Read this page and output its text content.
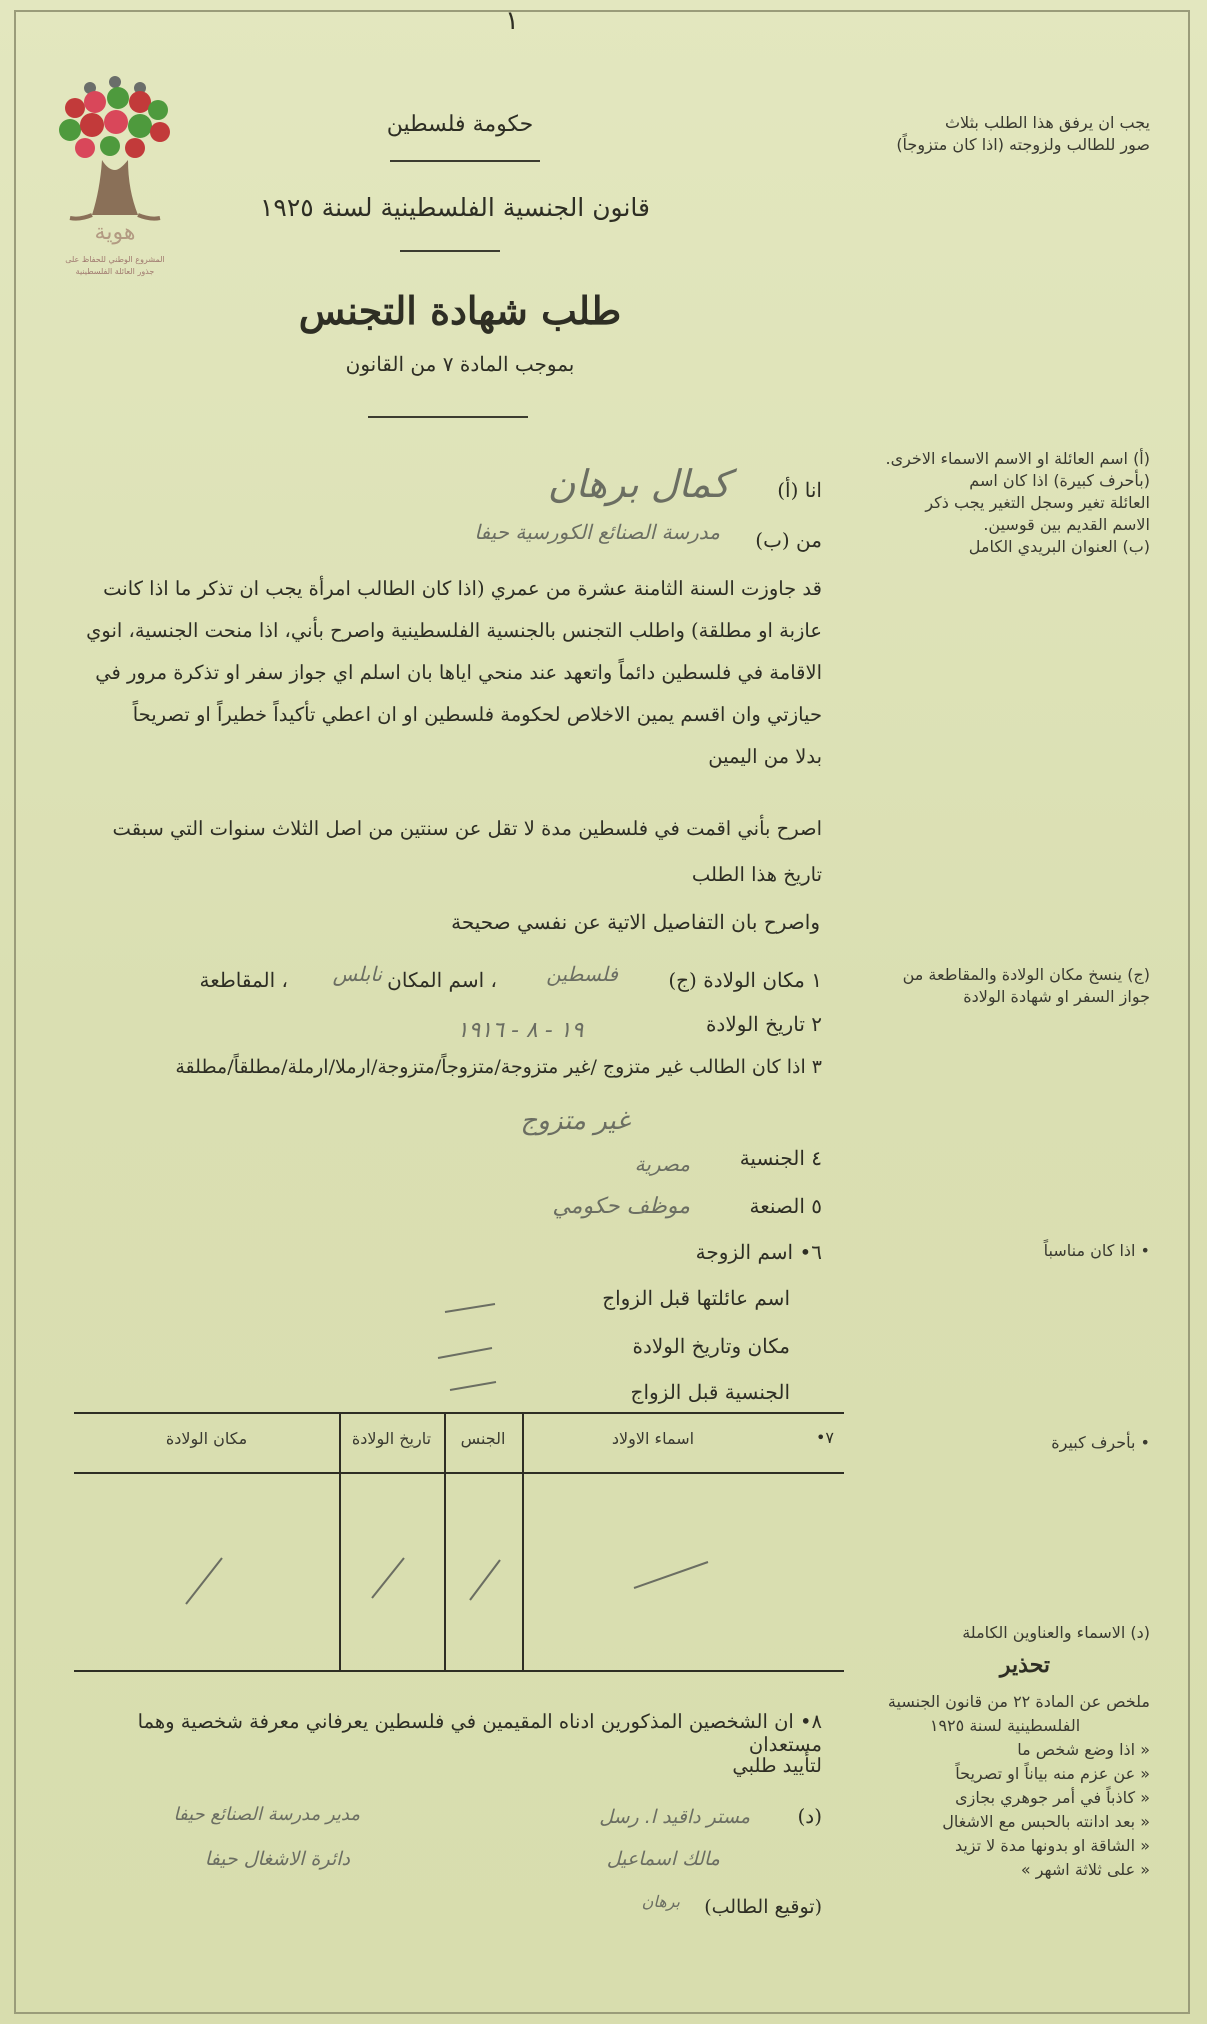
١
هوية
المشروع الوطني للحفاظ على
جذور العائلة الفلسطينية
حكومة فلسطين
قانون الجنسية الفلسطينية لسنة ١٩٢٥
طلب شهادة التجنس
بموجب المادة ٧ من القانون
يجب ان يرفق هذا الطلب بثلاث
صور للطالب ولزوجته (اذا كان متزوجاً)
(أ) اسم العائلة او الاسم الاسماء الاخرى.
(بأحرف كبيرة) اذا كان اسم
العائلة تغير وسجل التغير يجب ذكر
الاسم القديم بين قوسين.
(ب) العنوان البريدي الكامل
(ج) ينسخ مكان الولادة والمقاطعة من
جواز السفر او شهادة الولادة
• اذا كان مناسباً
• بأحرف كبيرة
(د) الاسماء والعناوين الكاملة
تحذير
ملخص عن المادة ٢٢ من قانون الجنسية
الفلسطينية لسنة ١٩٢٥
« اذا وضع شخص ما
« عن عزم منه بياناً او تصريحاً
« كاذباً في أمر جوهري بجازى
« بعد ادانته بالحبس مع الاشغال
« الشاقة او بدونها مدة لا تزيد
« على ثلاثة اشهر »
انا (أ)
كمال برهان
من (ب)
مدرسة الصنائع الكورسية حيفا
قد جاوزت السنة الثامنة عشرة من عمري (اذا كان الطالب امرأة يجب ان تذكر ما اذا كانت
عازبة او مطلقة) واطلب التجنس بالجنسية الفلسطينية واصرح بأني، اذا منحت الجنسية، انوي
الاقامة في فلسطين دائماً واتعهد عند منحي اياها بان اسلم اي جواز سفر او تذكرة مرور في
حيازتي وان اقسم يمين الاخلاص لحكومة فلسطين او ان اعطي تأكيداً خطيراً او تصريحاً
بدلا من اليمين
اصرح بأني اقمت في فلسطين مدة لا تقل عن سنتين من اصل الثلاث سنوات التي سبقت
تاريخ هذا الطلب
واصرح بان التفاصيل الاتية عن نفسي صحيحة
١ مكان الولادة (ج)
فلسطين
، اسم المكان
نابلس
، المقاطعة
٢ تاريخ الولادة
١٩ - ٨ - ١٩١٦
٣ اذا كان الطالب غير متزوج /غير متزوجة/متزوجاً/متزوجة/ارملا/ارملة/مطلقاً/مطلقة
غير متزوج
٤ الجنسية
مصرية
٥ الصنعة
موظف حكومي
٦• اسم الزوجة
اسم عائلتها قبل الزواج
مكان وتاريخ الولادة
الجنسية قبل الزواج
٧•
اسماء الاولاد
الجنس
تاريخ الولادة
مكان الولادة
٨• ان الشخصين المذكورين ادناه المقيمين في فلسطين يعرفاني معرفة شخصية وهما مستعدان
لتأييد طلبي
(د)
مستر داقيد ا. رسل
مدير مدرسة الصنائع حيفا
مالك اسماعيل
دائرة الاشغال حيفا
برهان	(توقيع الطالب)
